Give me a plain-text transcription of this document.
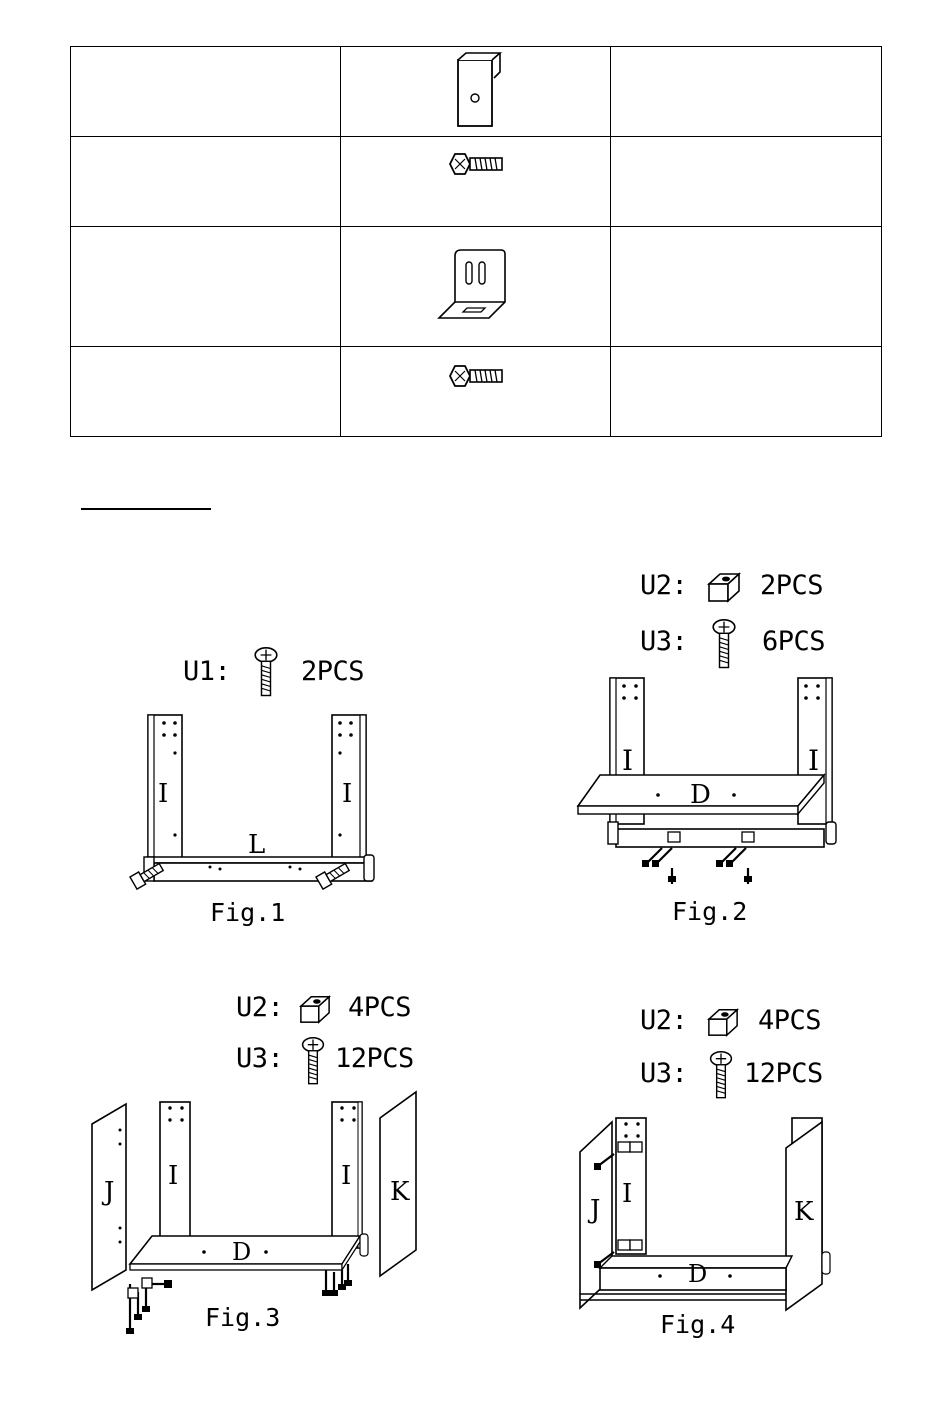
U1:	2PCS
I	I
L
Fig.1
U2:	2PCS
U3:	6PCS
I	I
D
Fig.2
U2: 4PCS
U3: 12PCS
J
I	I
K
D
Fig.3
U2:	4PCS
U3: 12PCS
J
I
K
D
Fig.4
